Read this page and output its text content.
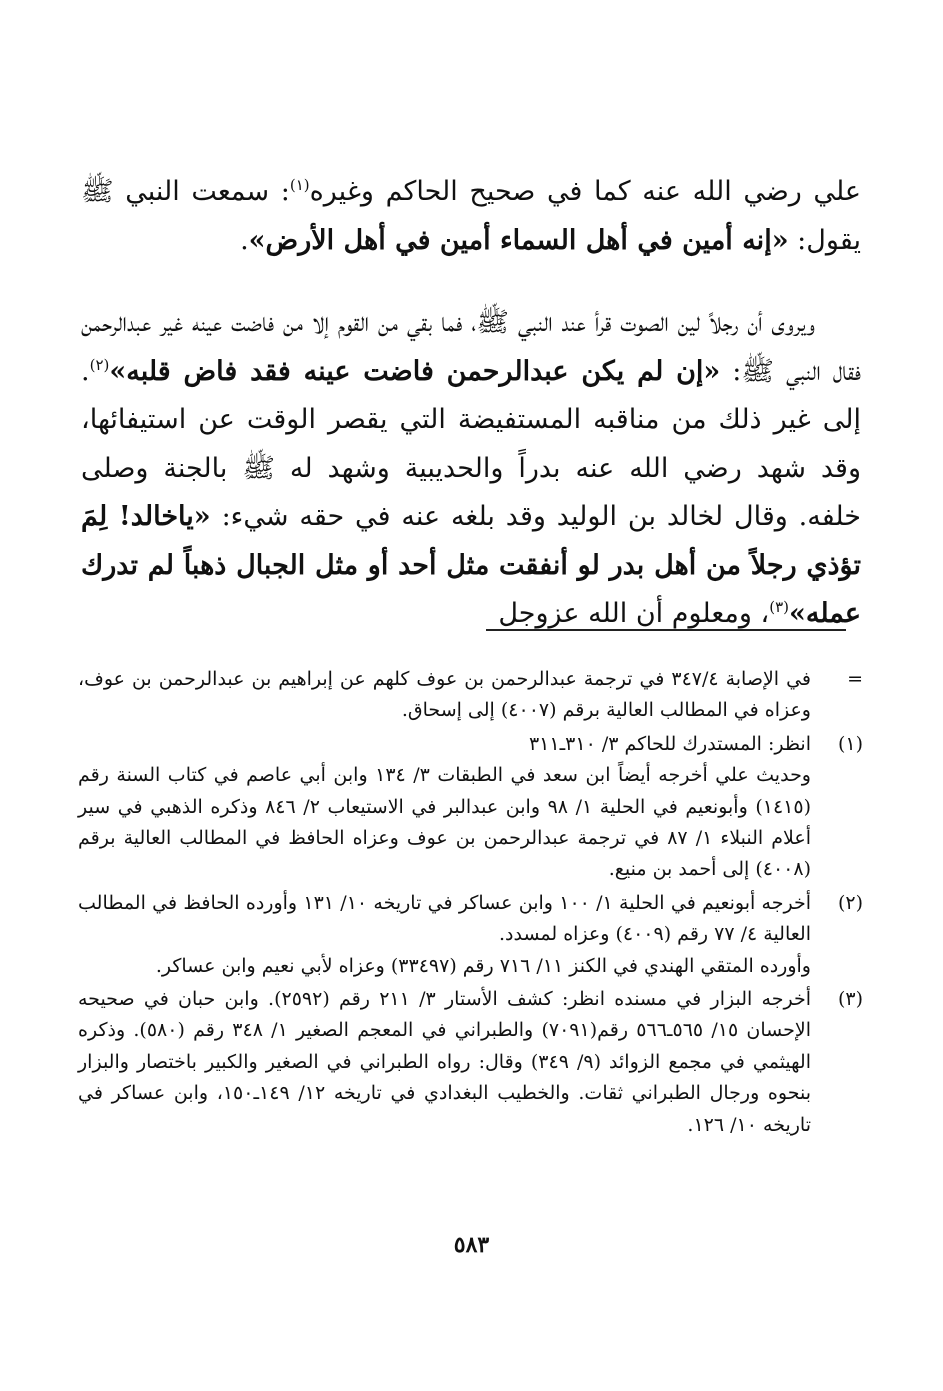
علي رضي الله عنه كما في صحيح الحاكم وغيره$^{(١)}$: سمعت النبي ﷺ يقول: «إنه أمين في أهل السماء أمين في أهل الأرض».

ويروى أن رجلاً لين الصوت قرأ عند النبي ﷺ، فما بقي من القوم إلا من فاضت عينه غير عبدالرحمن فقال النبي ﷺ: «إن لم يكن عبدالرحمن فاضت عينه فقد فاض قلبه»$^{(٢)}$. إلى غير ذلك من مناقبه المستفيضة التي يقصر الوقت عن استيفائها، وقد شهد رضي الله عنه بدراً والحديبية وشهد له ﷺ بالجنة وصلى خلفه. وقال لخالد بن الوليد وقد بلغه عنه في حقه شيء: «ياخالد! لِمَ تؤذي رجلاً من أهل بدر لو أنفقت مثل أحد أو مثل الجبال ذهباً لم تدرك عمله»$^{(٣)}$، ومعلوم أن الله عزوجل

=

في الإصابة ٣٤٧/٤ في ترجمة عبدالرحمن بن عوف كلهم عن إبراهيم بن عبدالرحمن بن عوف، وعزاه في المطالب العالية برقم (٤٠٠٧) إلى إسحاق.

(١)

انظر: المستدرك للحاكم ٣/ ٣١٠ـ٣١١

وحديث علي أخرجه أيضاً ابن سعد في الطبقات ٣/ ١٣٤ وابن أبي عاصم في كتاب السنة رقم (١٤١٥) وأبونعيم في الحلية ١/ ٩٨ وابن عبدالبر في الاستيعاب ٢/ ٨٤٦ وذكره الذهبي في سير أعلام النبلاء ١/ ٨٧ في ترجمة عبدالرحمن بن عوف وعزاه الحافظ في المطالب العالية برقم (٤٠٠٨) إلى أحمد بن منيع.

(٢)

أخرجه أبونعيم في الحلية ١/ ١٠٠ وابن عساكر في تاريخه ١٠/ ١٣١ وأورده الحافظ في المطالب العالية ٤/ ٧٧ رقم (٤٠٠٩) وعزاه لمسدد.

وأورده المتقي الهندي في الكنز ١١/ ٧١٦ رقم (٣٣٤٩٧) وعزاه لأبي نعيم وابن عساكر.

(٣)

أخرجه البزار في مسنده انظر: كشف الأستار ٣/ ٢١١ رقم (٢٥٩٢). وابن حبان في صحيحه الإحسان ١٥/ ٥٦٥ـ٥٦٦ رقم(٧٠٩١) والطبراني في المعجم الصغير ١/ ٣٤٨ رقم (٥٨٠). وذكره الهيثمي في مجمع الزوائد (٩/ ٣٤٩) وقال: رواه الطبراني في الصغير والكبير باختصار والبزار بنحوه ورجال الطبراني ثقات. والخطيب البغدادي في تاريخه ١٢/ ١٤٩ـ١٥٠، وابن عساكر في تاريخه ١٠/ ١٢٦.

٥٨٣
